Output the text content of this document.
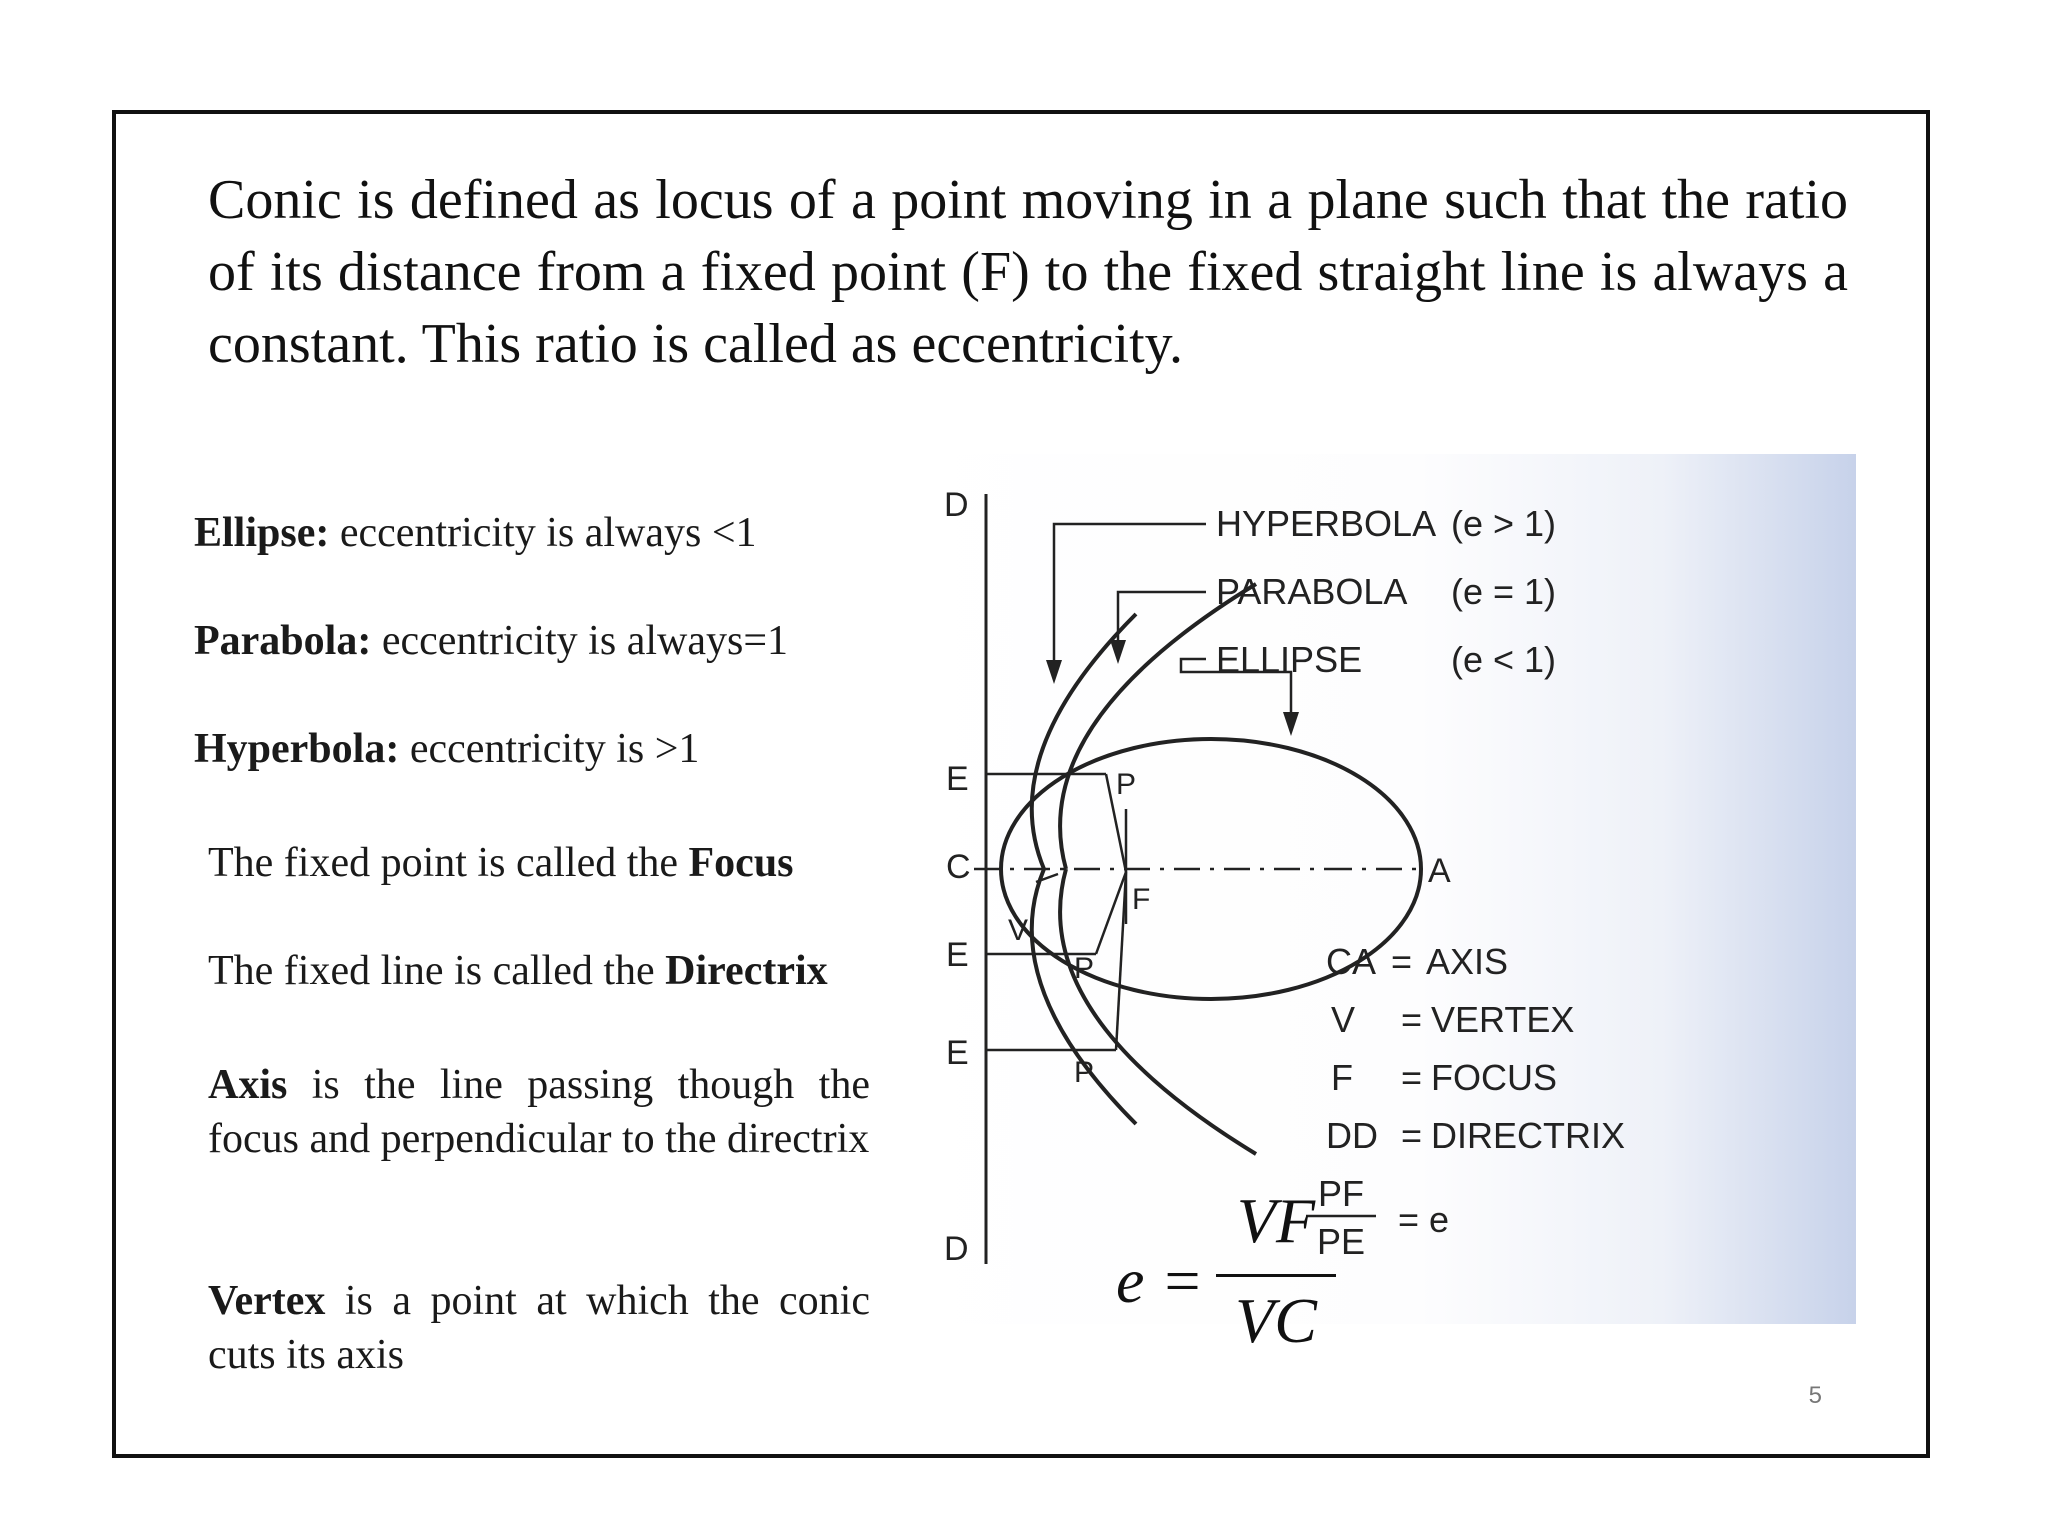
Conic is defined as locus of a point moving in a plane such that the ratio of its distance from a fixed point (F) to the fixed straight line is always a constant. This ratio is called as eccentricity.
Ellipse: eccentricity is always <1
Parabola: eccentricity is always=1
Hyperbola: eccentricity is >1
The fixed point is called the Focus
The fixed line is called the Directrix
Axis is the line passing though the focus and perpendicular to the directrix
Vertex is a point at which the conic cuts its axis
D
E
C
E
E
D
A
F
V
P
P
P
HYPERBOLA (e > 1)
PARABOLA (e = 1)
ELLIPSE (e < 1)
CA = AXIS
V = VERTEX
F = FOCUS
DD = DIRECTRIX
PF
PE
= e
e =
VF
VC
5
